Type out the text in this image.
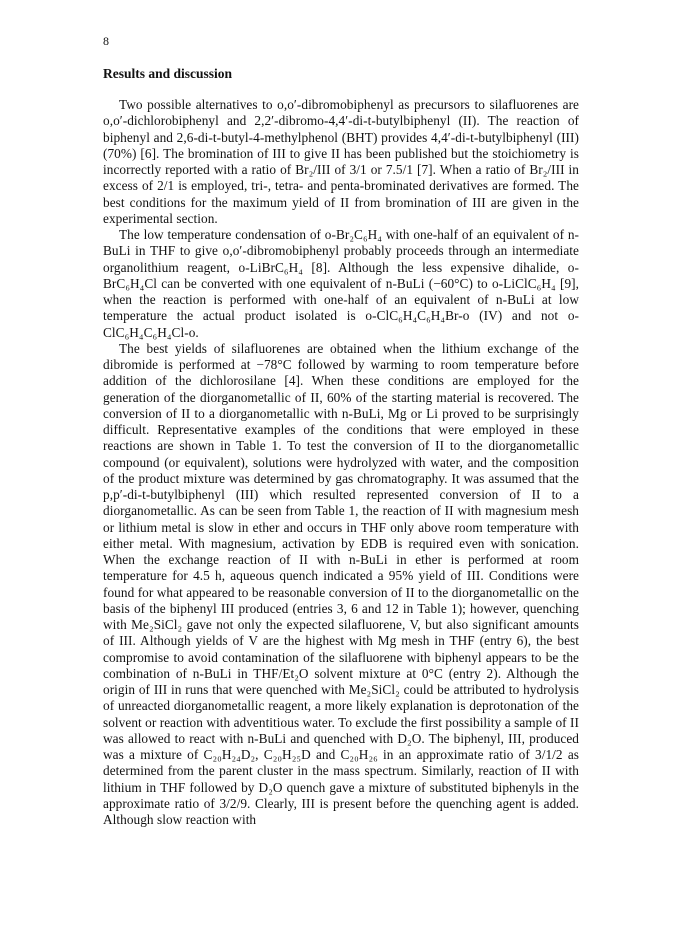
8
Results and discussion

Two possible alternatives to o,o′-dibromobiphenyl as precursors to silafluorenes are o,o′-dichlorobiphenyl and 2,2′-dibromo-4,4′-di-t-butylbiphenyl (II). The reaction of biphenyl and 2,6-di-t-butyl-4-methylphenol (BHT) provides 4,4′-di-t-butylbiphenyl (III) (70%) [6]. The bromination of III to give II has been published but the stoichiometry is incorrectly reported with a ratio of Br₂/III of 3/1 or 7.5/1 [7]. When a ratio of Br₂/III in excess of 2/1 is employed, tri-, tetra- and penta-brominated derivatives are formed. The best conditions for the maximum yield of II from bromination of III are given in the experimental section.

The low temperature condensation of o-Br₂C₆H₄ with one-half of an equivalent of n-BuLi in THF to give o,o′-dibromobiphenyl probably proceeds through an intermediate organolithium reagent, o-LiBrC₆H₄ [8]. Although the less expensive dihalide, o-BrC₆H₄Cl can be converted with one equivalent of n-BuLi (−60°C) to o-LiClC₆H₄ [9], when the reaction is performed with one-half of an equivalent of n-BuLi at low temperature the actual product isolated is o-ClC₆H₄C₆H₄Br-o (IV) and not o-ClC₆H₄C₆H₄Cl-o.

The best yields of silafluorenes are obtained when the lithium exchange of the dibromide is performed at −78°C followed by warming to room temperature before addition of the dichlorosilane [4]. When these conditions are employed for the generation of the diorganometallic of II, 60% of the starting material is recovered. The conversion of II to a diorganometallic with n-BuLi, Mg or Li proved to be surprisingly difficult. Representative examples of the conditions that were employed in these reactions are shown in Table 1. To test the conversion of II to the diorganometallic compound (or equivalent), solutions were hydrolyzed with water, and the composition of the product mixture was determined by gas chromatography. It was assumed that the p,p′-di-t-butylbiphenyl (III) which resulted represented conversion of II to a diorganometallic. As can be seen from Table 1, the reaction of II with magnesium mesh or lithium metal is slow in ether and occurs in THF only above room temperature with either metal. With magnesium, activation by EDB is required even with sonication. When the exchange reaction of II with n-BuLi in ether is performed at room temperature for 4.5 h, aqueous quench indicated a 95% yield of III. Conditions were found for what appeared to be reasonable conversion of II to the diorganometallic on the basis of the biphenyl III produced (entries 3, 6 and 12 in Table 1); however, quenching with Me₂SiCl₂ gave not only the expected silafluorene, V, but also significant amounts of III. Although yields of V are the highest with Mg mesh in THF (entry 6), the best compromise to avoid contamination of the silafluorene with biphenyl appears to be the combination of n-BuLi in THF/Et₂O solvent mixture at 0°C (entry 2). Although the origin of III in runs that were quenched with Me₂SiCl₂ could be attributed to hydrolysis of unreacted diorganometallic reagent, a more likely explanation is deprotonation of the solvent or reaction with adventitious water. To exclude the first possibility a sample of II was allowed to react with n-BuLi and quenched with D₂O. The biphenyl, III, produced was a mixture of C₂₀H₂₄D₂, C₂₀H₂₅D and C₂₀H₂₆ in an approximate ratio of 3/1/2 as determined from the parent cluster in the mass spectrum. Similarly, reaction of II with lithium in THF followed by D₂O quench gave a mixture of substituted biphenyls in the approximate ratio of 3/2/9. Clearly, III is present before the quenching agent is added. Although slow reaction with
